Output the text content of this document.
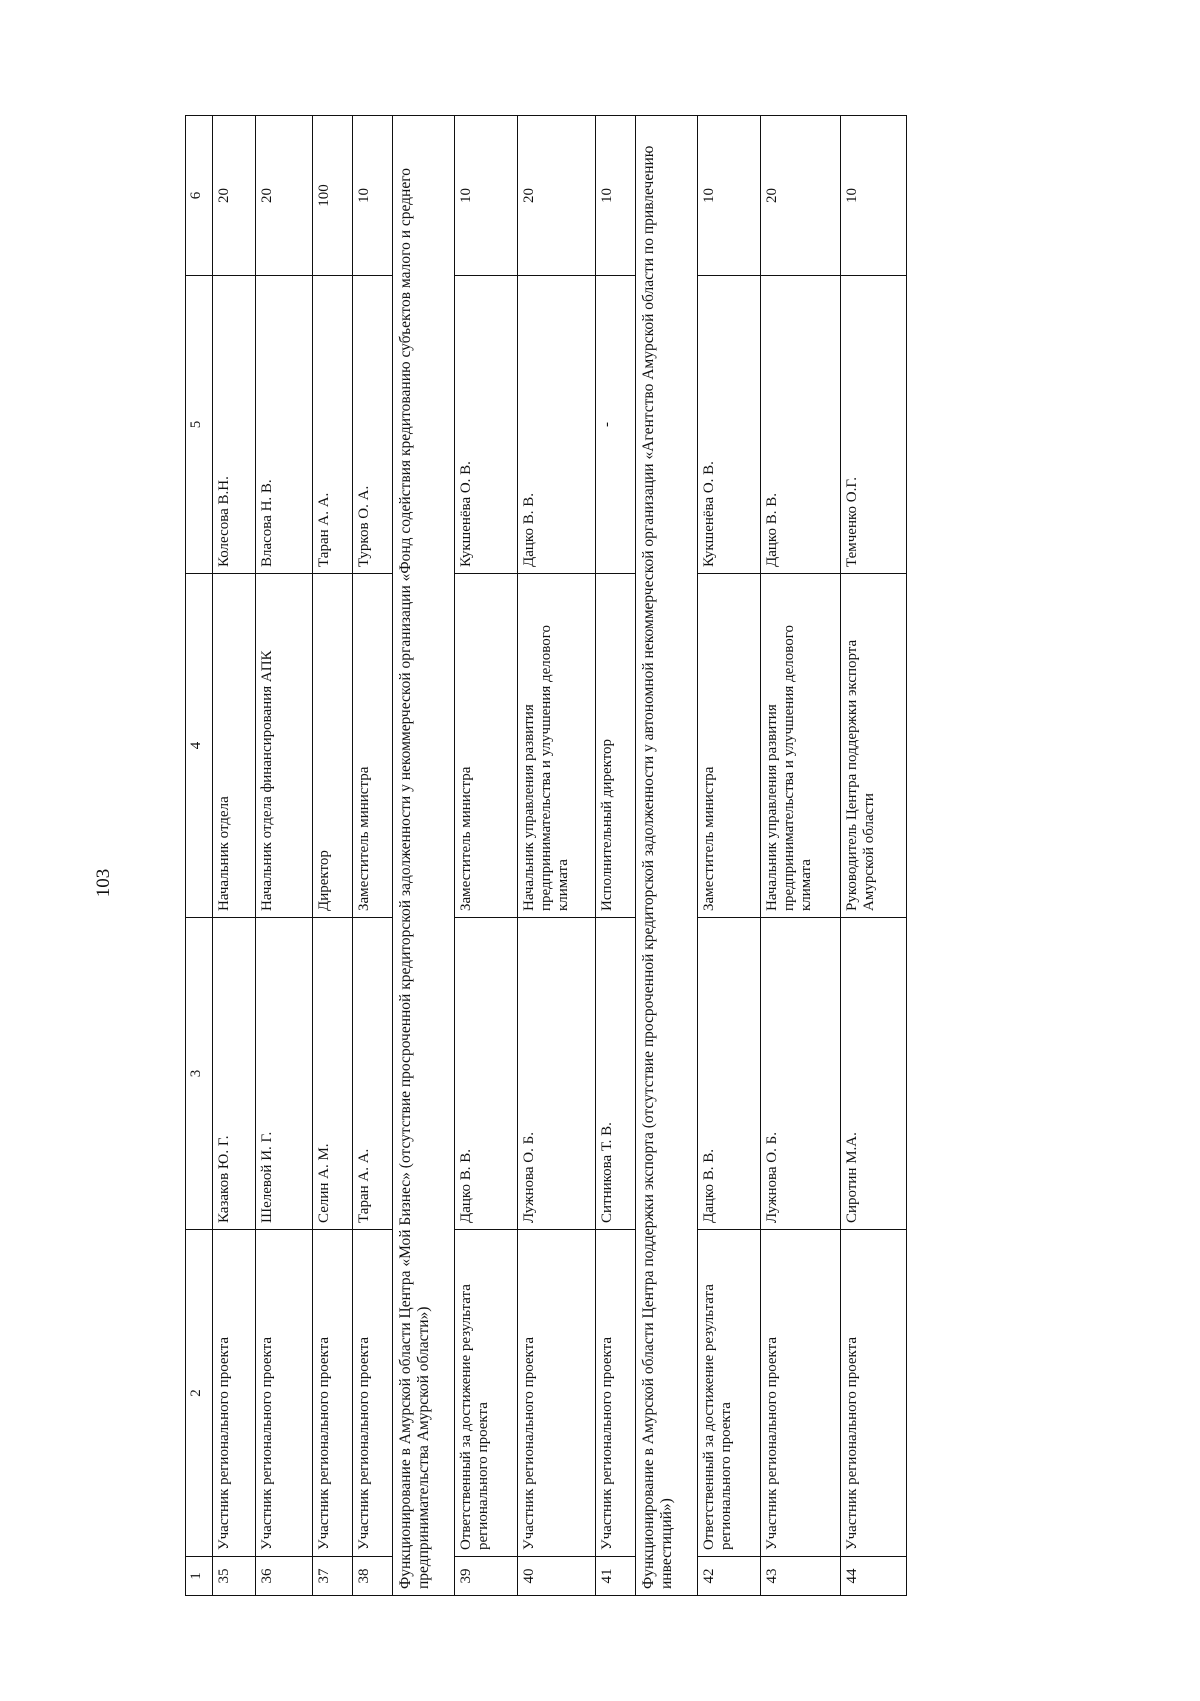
103
1	2	3	4	5	6
35	Участник регионального проекта	Казаков Ю. Г.	Начальник отдела	Колесова В.Н.	20
36	Участник регионального проекта	Шелевой И. Г.	Начальник отдела финансирования АПК	Власова Н. В.	20
37	Участник регионального проекта	Селин А. М.	Директор	Таран А. А.	100
38	Участник регионального проекта	Таран А. А.	Заместитель министра	Турков О. А.	10
Функционирование в Амурской области Центра «Мой Бизнес» (отсутствие просроченной кредиторской задолженности у некоммерческой организации «Фонд содействия кредитованию субъектов малого и среднего предпринимательства Амурской области»)					
39	Ответственный за достижение результата регионального проекта	Дацко В. В.	Заместитель министра	Кукшенёва О. В.	10
40	Участник регионального проекта	Лужнова О. Б.	Начальник управления развития предпринимательства и улучшения делового климата	Дацко В. В.	20
41	Участник регионального проекта	Ситникова Т. В.	Исполнительный директор	-	10
Функционирование в Амурской области Центра поддержки экспорта (отсутствие просроченной кредиторской задолженности у автономной некоммерческой организации «Агентство Амурской области по привлечению инвестиций»)					
42	Ответственный за достижение результата регионального проекта	Дацко В. В.	Заместитель министра	Кукшенёва О. В.	10
43	Участник регионального проекта	Лужнова О. Б.	Начальник управления развития предпринимательства и улучшения делового климата	Дацко В. В.	20
44	Участник регионального проекта	Сиротин М.А.	Руководитель Центра поддержки экспорта Амурской области	Темченко О.Г.	10
